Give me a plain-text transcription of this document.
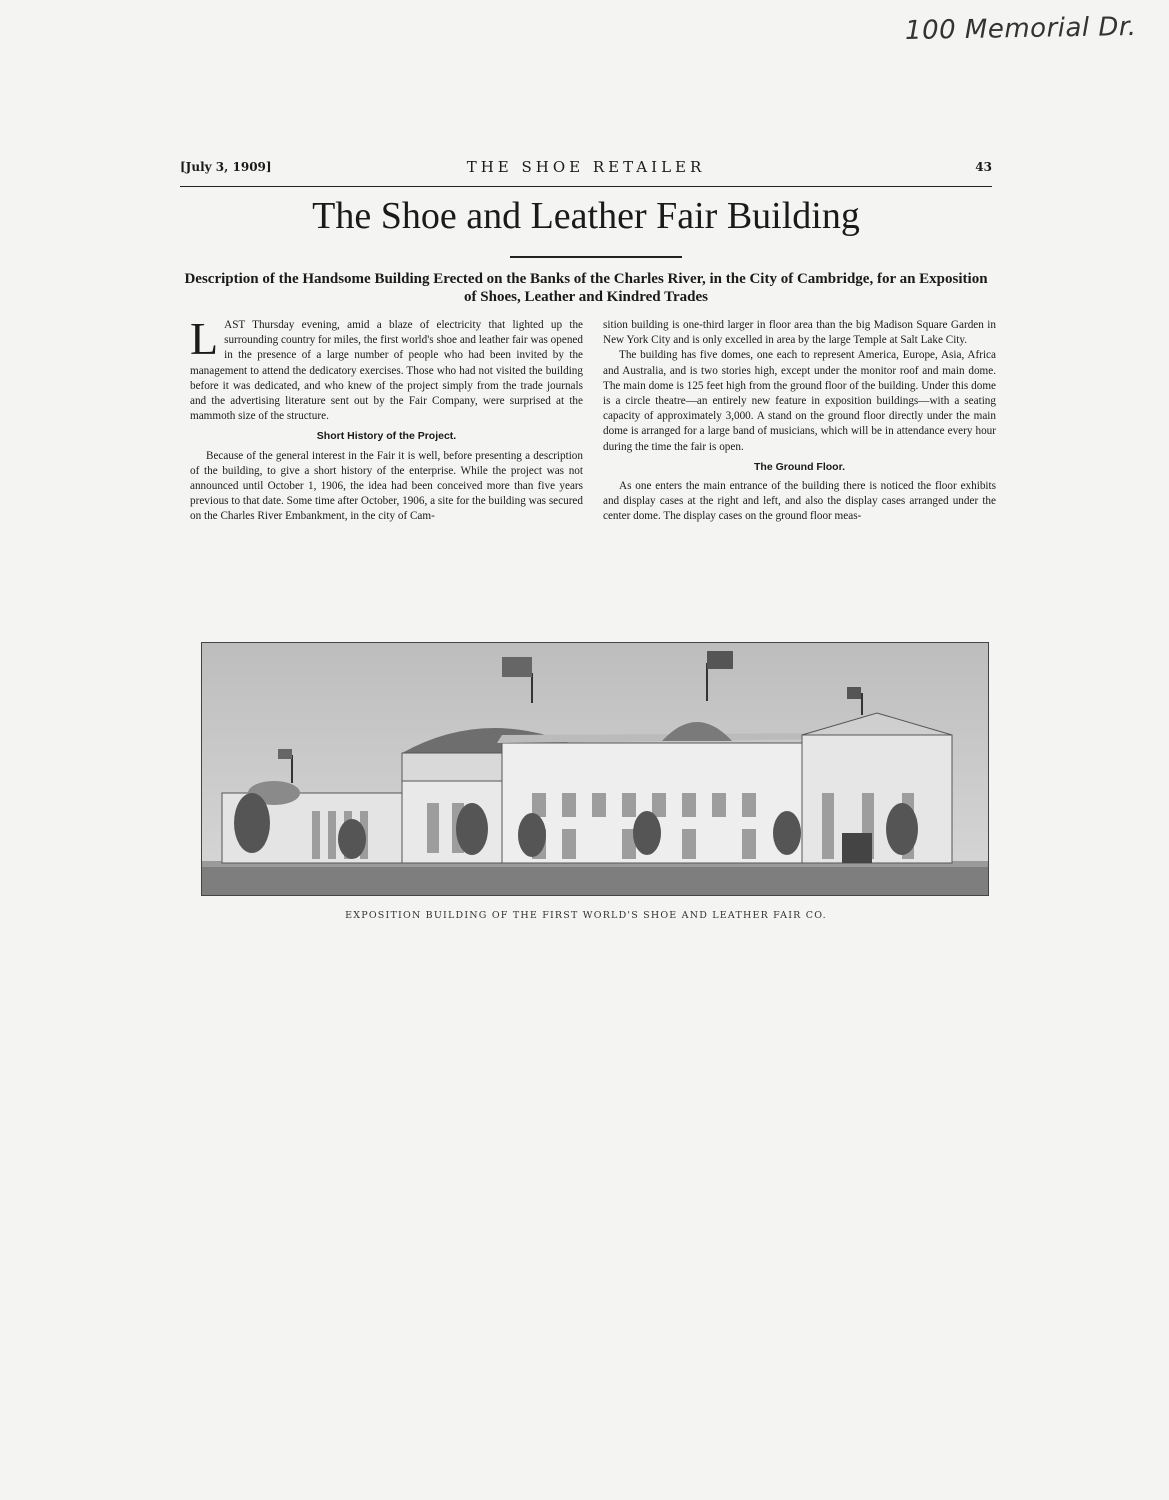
100 Memorial Dr.
[July 3, 1909]	THE SHOE RETAILER	43
The Shoe and Leather Fair Building
Description of the Handsome Building Erected on the Banks of the Charles River, in the City of Cambridge, for an Exposition of Shoes, Leather and Kindred Trades

LAST Thursday evening, amid a blaze of electricity that lighted up the surrounding country for miles, the first world's shoe and leather fair was opened in the presence of a large number of people who had been invited by the management to attend the dedicatory exercises. Those who had not visited the building before it was dedicated, and who knew of the project simply from the trade journals and the advertising literature sent out by the Fair Company, were surprised at the mammoth size of the structure.

Short History of the Project.

Because of the general interest in the Fair it is well, before presenting a description of the building, to give a short history of the enterprise. While the project was not announced until October 1, 1906, the idea had been conceived more than five years previous to that date. Some time after October, 1906, a site for the building was secured on the Charles River Embankment, in the city of Cam-

sition building is one-third larger in floor area than the big Madison Square Garden in New York City and is only excelled in area by the large Temple at Salt Lake City.

The building has five domes, one each to represent America, Europe, Asia, Africa and Australia, and is two stories high, except under the monitor roof and main dome. The main dome is 125 feet high from the ground floor of the building. Under this dome is a circle theatre—an entirely new feature in exposition buildings—with a seating capacity of approximately 3,000. A stand on the ground floor directly under the main dome is arranged for a large band of musicians, which will be in attendance every hour during the time the fair is open.

The Ground Floor.

As one enters the main entrance of the building there is noticed the floor exhibits and display cases at the right and left, and also the display cases arranged under the center dome. The display cases on the ground floor meas-

EXPOSITION BUILDING OF THE FIRST WORLD'S SHOE AND LEATHER FAIR CO.
